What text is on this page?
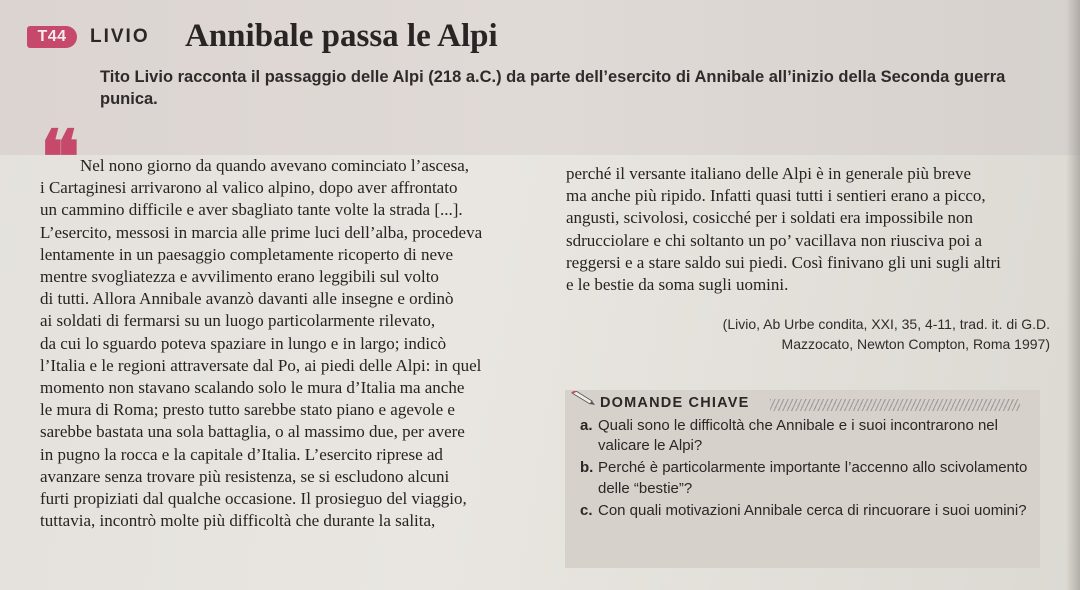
T44	LIVIO Annibale passa le Alpi
Tito Livio racconta il passaggio delle Alpi (218 a.C.) da parte dell’esercito di Annibale all’inizio della Seconda guerra
punica.
❝ Nel nono giorno da quando avevano cominciato l’ascesa,

i Cartaginesi arrivarono al valico alpino, dopo aver affrontato

un cammino difficile e aver sbagliato tante volte la strada [...].

L’esercito, messosi in marcia alle prime luci dell’alba, procedeva

lentamente in un paesaggio completamente ricoperto di neve

mentre svogliatezza e avvilimento erano leggibili sul volto

di tutti. Allora Annibale avanzò davanti alle insegne e ordinò

ai soldati di fermarsi su un luogo particolarmente rilevato,

da cui lo sguardo poteva spaziare in lungo e in largo; indicò

l’Italia e le regioni attraversate dal Po, ai piedi delle Alpi: in quel

momento non stavano scalando solo le mura d’Italia ma anche

le mura di Roma; presto tutto sarebbe stato piano e agevole e

sarebbe bastata una sola battaglia, o al massimo due, per avere

in pugno la rocca e la capitale d’Italia. L’esercito riprese ad

avanzare senza trovare più resistenza, se si escludono alcuni

furti propiziati dal qualche occasione. Il prosieguo del viaggio,

tuttavia, incontrò molte più difficoltà che durante la salita,

perché il versante italiano delle Alpi è in generale più breve

ma anche più ripido. Infatti quasi tutti i sentieri erano a picco,

angusti, scivolosi, cosicché per i soldati era impossibile non

sdrucciolare e chi soltanto un po’ vacillava non riusciva poi a

reggersi e a stare saldo sui piedi. Così finivano gli uni sugli altri

e le bestie da soma sugli uomini.

(Livio, Ab Urbe condita, XXI, 35, 4-11, trad. it. di G.D.

Mazzocato, Newton Compton, Roma 1997)

DOMANDE CHIAVE
a. Quali sono le difficoltà che Annibale e i suoi incontrarono nel valicare le Alpi?
b. Perché è particolarmente importante l’accenno allo scivolamento delle “bestie”?
c. Con quali motivazioni Annibale cerca di rincuorare i suoi uomini?
